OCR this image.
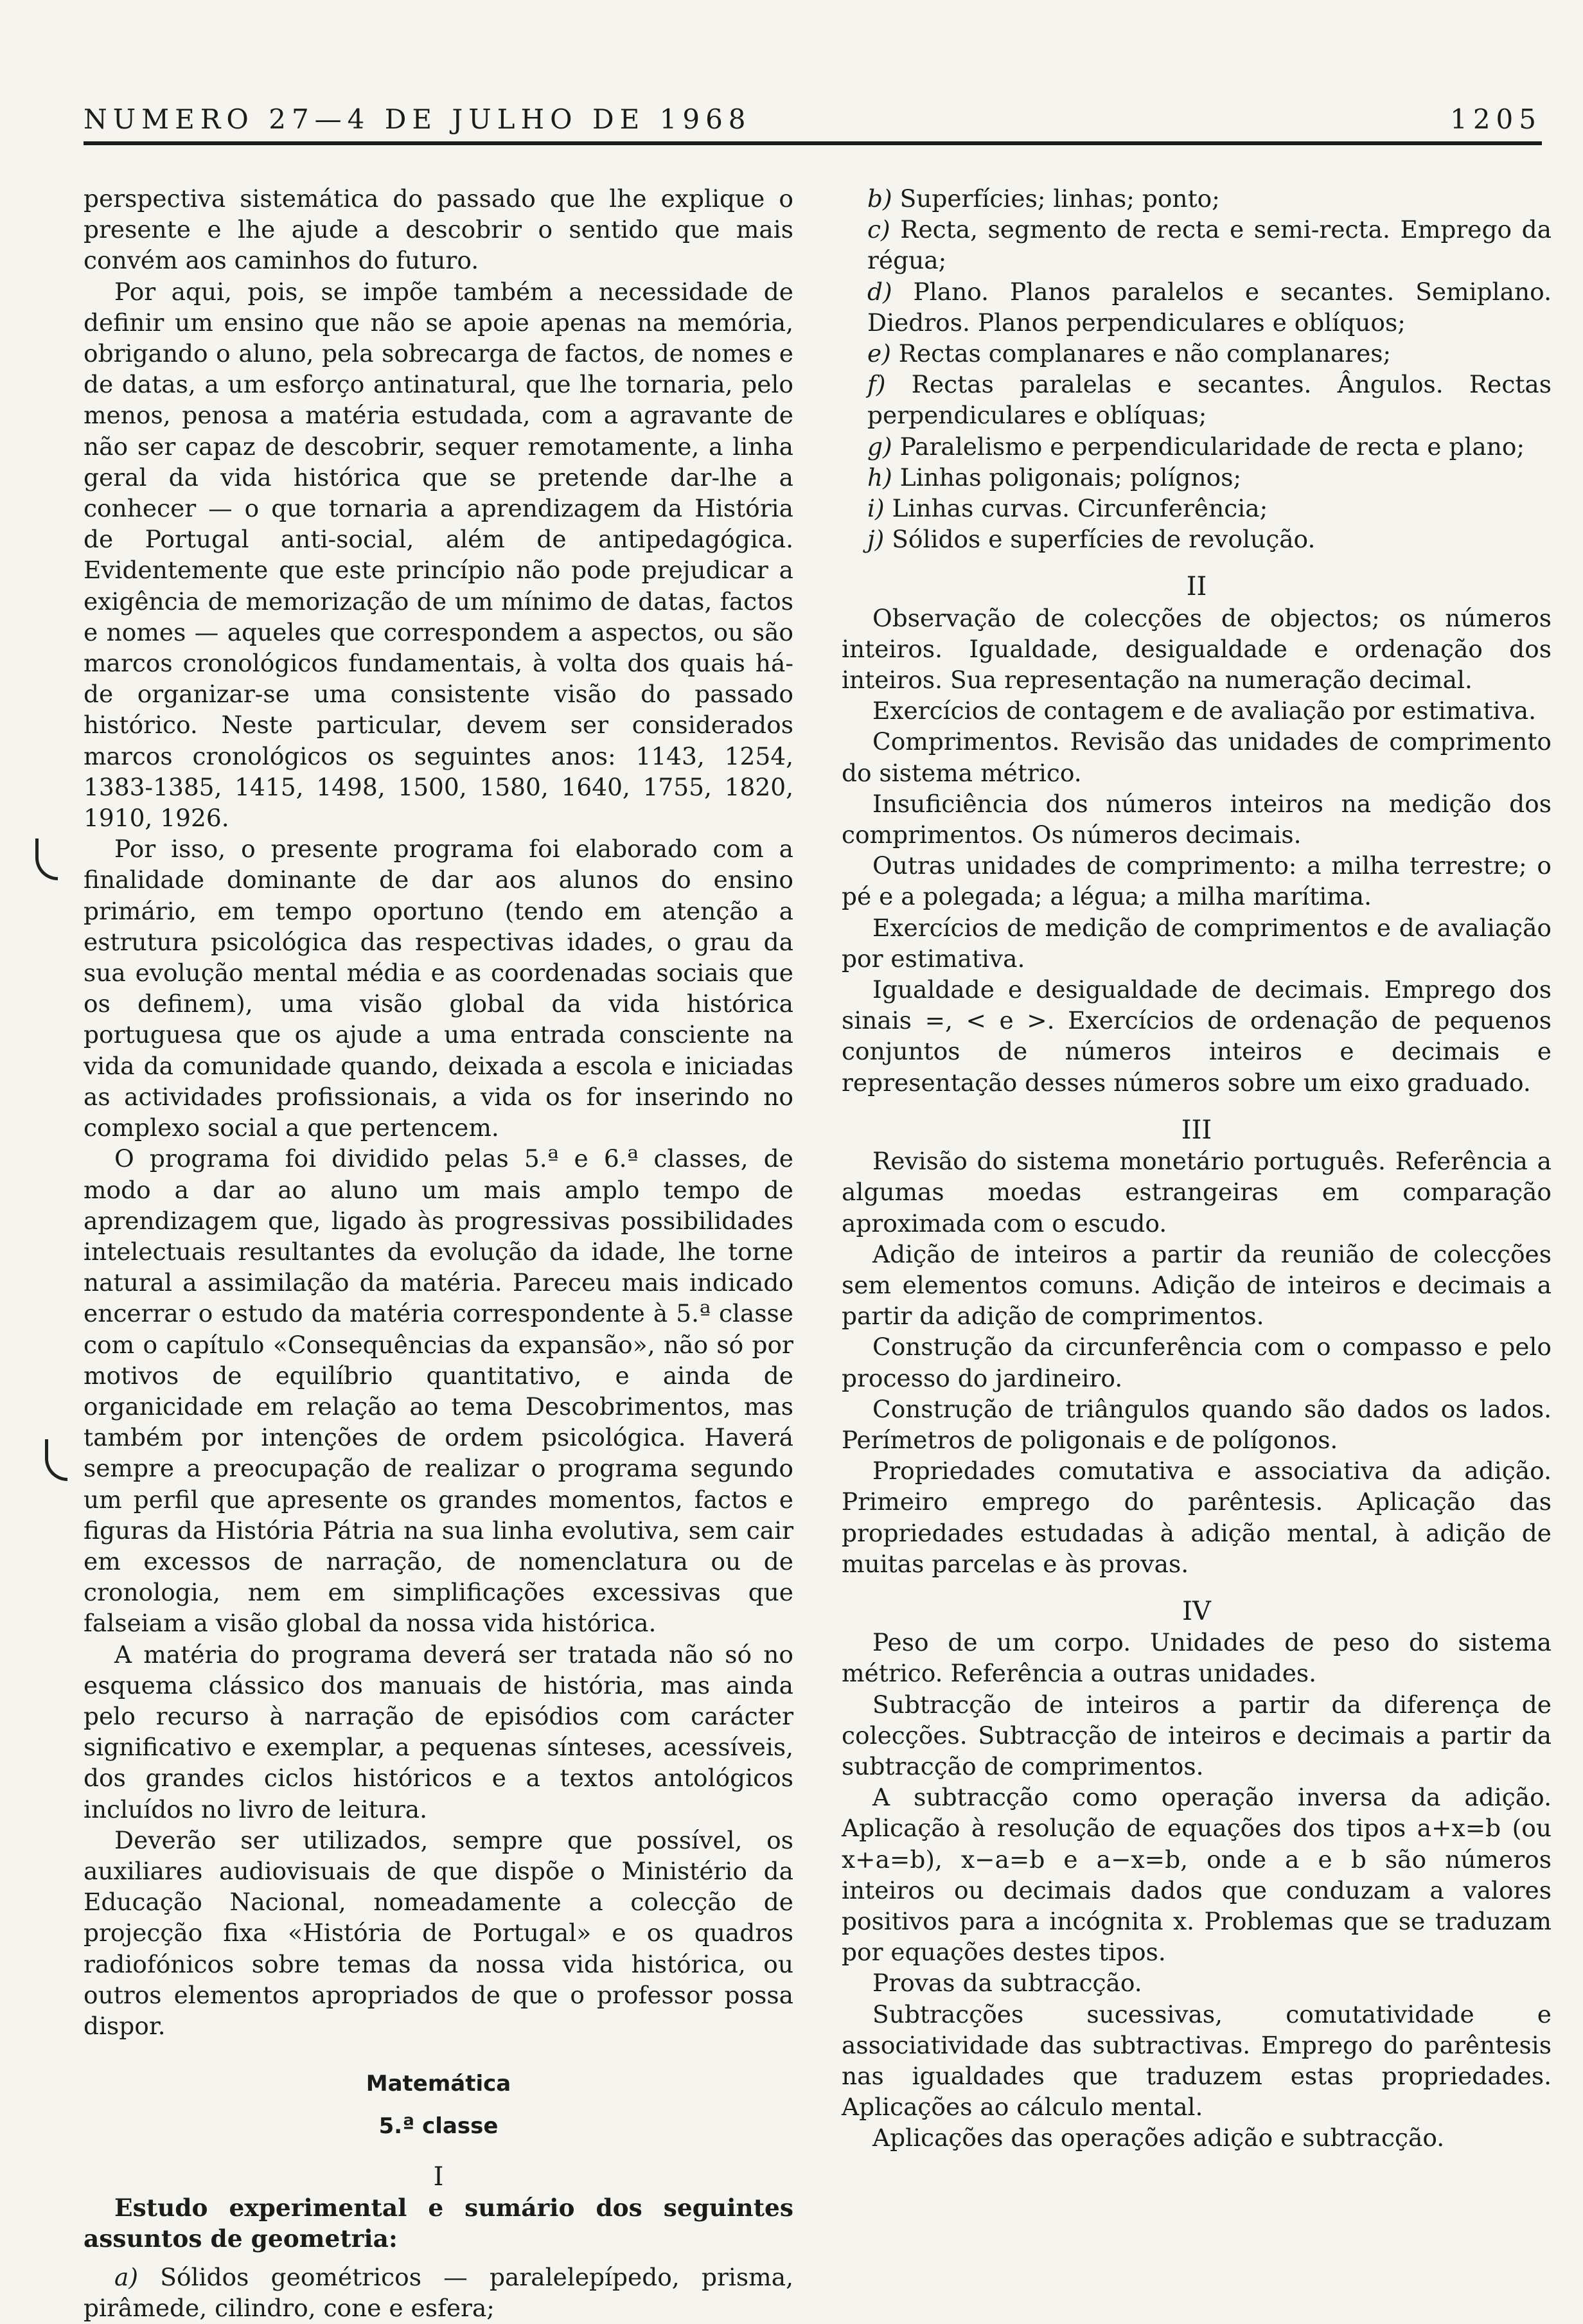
NUMERO 27—4 DE JULHO DE 1968	1205

perspectiva sistemática do passado que lhe explique o presente e lhe ajude a descobrir o sentido que mais convém aos caminhos do futuro.

Por aqui, pois, se impõe também a necessidade de definir um ensino que não se apoie apenas na memória, obrigando o aluno, pela sobrecarga de factos, de nomes e de datas, a um esforço antinatural, que lhe tornaria, pelo menos, penosa a matéria estudada, com a agravante de não ser capaz de descobrir, sequer remotamente, a linha geral da vida histórica que se pretende dar-lhe a conhecer — o que tornaria a aprendizagem da História de Portugal anti-social, além de antipedagógica. Evidentemente que este princípio não pode prejudicar a exigência de memorização de um mínimo de datas, factos e nomes — aqueles que correspondem a aspectos, ou são marcos cronológicos fundamentais, à volta dos quais há-de organizar-se uma consistente visão do passado histórico. Neste particular, devem ser considerados marcos cronológicos os seguintes anos: 1143, 1254, 1383-1385, 1415, 1498, 1500, 1580, 1640, 1755, 1820, 1910, 1926.

Por isso, o presente programa foi elaborado com a finalidade dominante de dar aos alunos do ensino primário, em tempo oportuno (tendo em atenção a estrutura psicológica das respectivas idades, o grau da sua evolução mental média e as coordenadas sociais que os definem), uma visão global da vida histórica portuguesa que os ajude a uma entrada consciente na vida da comunidade quando, deixada a escola e iniciadas as actividades profissionais, a vida os for inserindo no complexo social a que pertencem.

O programa foi dividido pelas 5.ª e 6.ª classes, de modo a dar ao aluno um mais amplo tempo de aprendizagem que, ligado às progressivas possibilidades intelectuais resultantes da evolução da idade, lhe torne natural a assimilação da matéria. Pareceu mais indicado encerrar o estudo da matéria correspondente à 5.ª classe com o capítulo «Consequências da expansão», não só por motivos de equilíbrio quantitativo, e ainda de organicidade em relação ao tema Descobrimentos, mas também por intenções de ordem psicológica. Haverá sempre a preocupação de realizar o programa segundo um perfil que apresente os grandes momentos, factos e figuras da História Pátria na sua linha evolutiva, sem cair em excessos de narração, de nomenclatura ou de cronologia, nem em simplificações excessivas que falseiam a visão global da nossa vida histórica.

A matéria do programa deverá ser tratada não só no esquema clássico dos manuais de história, mas ainda pelo recurso à narração de episódios com carácter significativo e exemplar, a pequenas sínteses, acessíveis, dos grandes ciclos históricos e a textos antológicos incluídos no livro de leitura.

Deverão ser utilizados, sempre que possível, os auxiliares audiovisuais de que dispõe o Ministério da Educação Nacional, nomeadamente a colecção de projecção fixa «História de Portugal» e os quadros radiofónicos sobre temas da nossa vida histórica, ou outros elementos apropriados de que o professor possa dispor.

Matemática

5.ª classe

I

Estudo experimental e sumário dos seguintes assuntos de geometria:

a) Sólidos geométricos — paralelepípedo, prisma, pirâmede, cilindro, cone e esfera;

b) Superfícies; linhas; ponto;

c) Recta, segmento de recta e semi-recta. Emprego da régua;

d) Plano. Planos paralelos e secantes. Semiplano. Diedros. Planos perpendiculares e oblíquos;

e) Rectas complanares e não complanares;

f) Rectas paralelas e secantes. Ângulos. Rectas perpendiculares e oblíquas;

g) Paralelismo e perpendicularidade de recta e plano;

h) Linhas poligonais; polígnos;

i) Linhas curvas. Circunferência;

j) Sólidos e superfícies de revolução.

II

Observação de colecções de objectos; os números inteiros. Igualdade, desigualdade e ordenação dos inteiros. Sua representação na numeração decimal.

Exercícios de contagem e de avaliação por estimativa.

Comprimentos. Revisão das unidades de comprimento do sistema métrico.

Insuficiência dos números inteiros na medição dos comprimentos. Os números decimais.

Outras unidades de comprimento: a milha terrestre; o pé e a polegada; a légua; a milha marítima.

Exercícios de medição de comprimentos e de avaliação por estimativa.

Igualdade e desigualdade de decimais. Emprego dos sinais =, < e >. Exercícios de ordenação de pequenos conjuntos de números inteiros e decimais e representação desses números sobre um eixo graduado.

III

Revisão do sistema monetário português. Referência a algumas moedas estrangeiras em comparação aproximada com o escudo.

Adição de inteiros a partir da reunião de colecções sem elementos comuns. Adição de inteiros e decimais a partir da adição de comprimentos.

Construção da circunferência com o compasso e pelo processo do jardineiro.

Construção de triângulos quando são dados os lados. Perímetros de poligonais e de polígonos.

Propriedades comutativa e associativa da adição. Primeiro emprego do parêntesis. Aplicação das propriedades estudadas à adição mental, à adição de muitas parcelas e às provas.

IV

Peso de um corpo. Unidades de peso do sistema métrico. Referência a outras unidades.

Subtracção de inteiros a partir da diferença de colecções. Subtracção de inteiros e decimais a partir da subtracção de comprimentos.

A subtracção como operação inversa da adição. Aplicação à resolução de equações dos tipos a+x=b (ou x+a=b), x−a=b e a−x=b, onde a e b são números inteiros ou decimais dados que conduzam a valores positivos para a incógnita x. Problemas que se traduzam por equações destes tipos.

Provas da subtracção.

Subtracções sucessivas, comutatividade e associatividade das subtractivas. Emprego do parêntesis nas igualdades que traduzem estas propriedades. Aplicações ao cálculo mental.

Aplicações das operações adição e subtracção.
